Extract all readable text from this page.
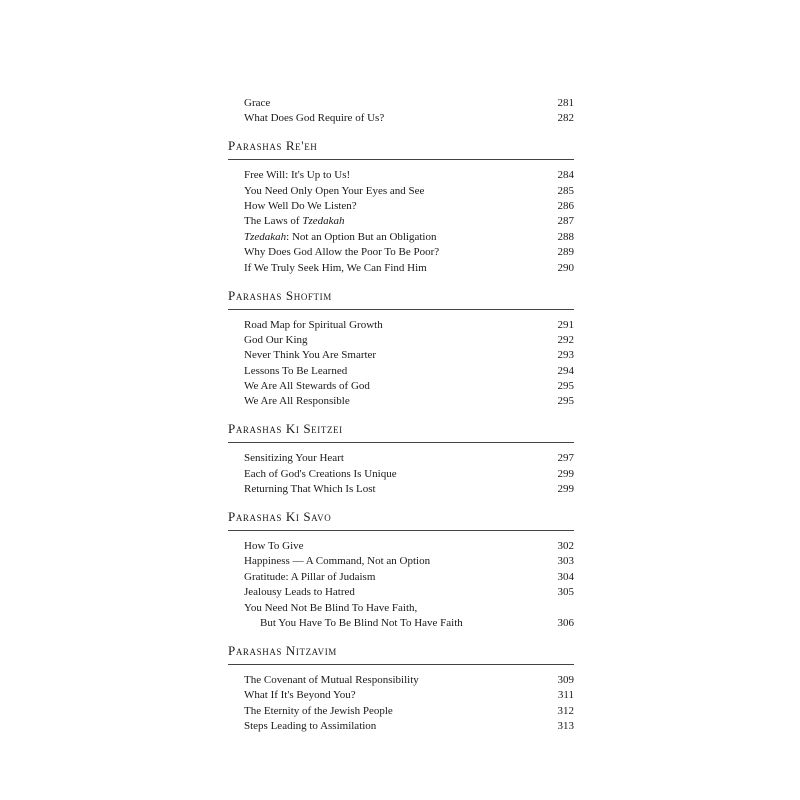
Grace	281
What Does God Require of Us?	282
Parashas Re'eh
Free Will: It's Up to Us!	284
You Need Only Open Your Eyes and See	285
How Well Do We Listen?	286
The Laws of Tzedakah	287
Tzedakah: Not an Option But an Obligation	288
Why Does God Allow the Poor To Be Poor?	289
If We Truly Seek Him, We Can Find Him	290
Parashas Shoftim
Road Map for Spiritual Growth	291
God Our King	292
Never Think You Are Smarter	293
Lessons To Be Learned	294
We Are All Stewards of God	295
We Are All Responsible	295
Parashas Ki Seitzei
Sensitizing Your Heart	297
Each of God's Creations Is Unique	299
Returning That Which Is Lost	299
Parashas Ki Savo
How To Give	302
Happiness — A Command, Not an Option	303
Gratitude: A Pillar of Judaism	304
Jealousy Leads to Hatred	305
You Need Not Be Blind To Have Faith,
But You Have To Be Blind Not To Have Faith	306
Parashas Nitzavim
The Covenant of Mutual Responsibility	309
What If It's Beyond You?	311
The Eternity of the Jewish People	312
Steps Leading to Assimilation	313
